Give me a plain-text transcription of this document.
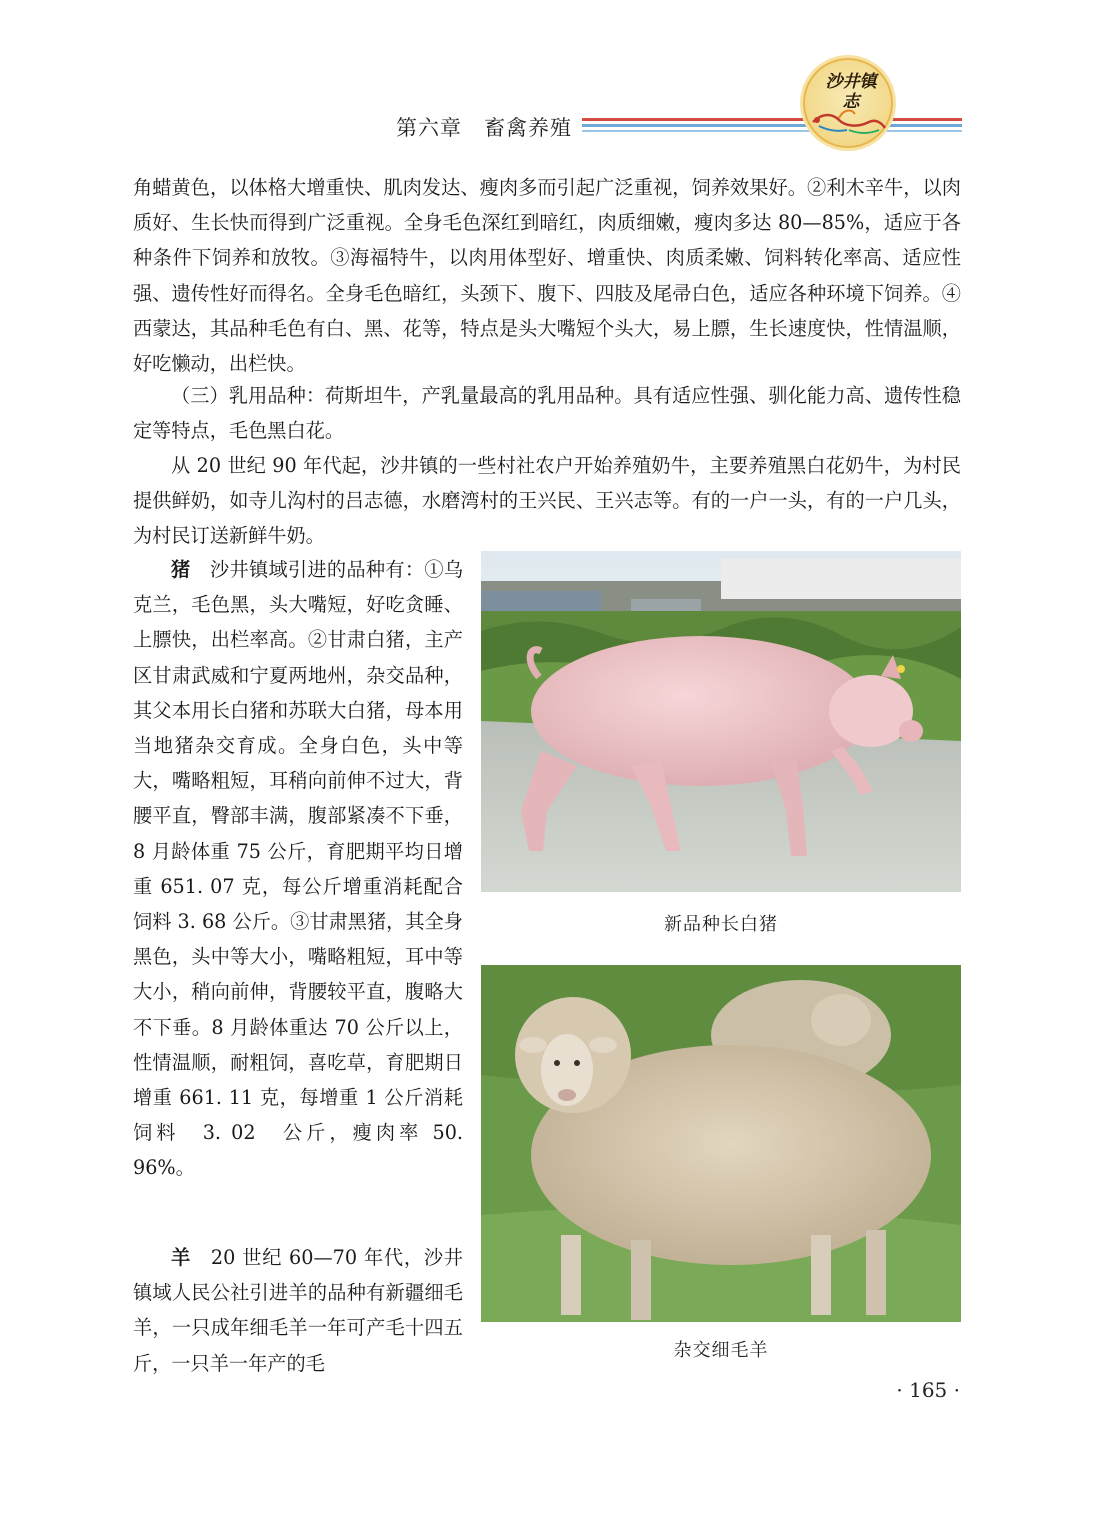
第六章　畜禽养殖
沙井镇志

角蜡黄色，以体格大增重快、肌肉发达、瘦肉多而引起广泛重视，饲养效果好。②利木辛牛，以肉质好、生长快而得到广泛重视。全身毛色深红到暗红，肉质细嫩，瘦肉多达 80—85%，适应于各种条件下饲养和放牧。③海福特牛，以肉用体型好、增重快、肉质柔嫩、饲料转化率高、适应性强、遗传性好而得名。全身毛色暗红，头颈下、腹下、四肢及尾帚白色，适应各种环境下饲养。④西蒙达，其品种毛色有白、黑、花等，特点是头大嘴短个头大，易上膘，生长速度快，性情温顺，好吃懒动，出栏快。

（三）乳用品种：荷斯坦牛，产乳量最高的乳用品种。具有适应性强、驯化能力高、遗传性稳定等特点，毛色黑白花。

从 20 世纪 90 年代起，沙井镇的一些村社农户开始养殖奶牛，主要养殖黑白花奶牛，为村民提供鲜奶，如寺儿沟村的吕志德，水磨湾村的王兴民、王兴志等。有的一户一头，有的一户几头，为村民订送新鲜牛奶。

猪　沙井镇域引进的品种有：①乌克兰，毛色黑，头大嘴短，好吃贪睡、上膘快，出栏率高。②甘肃白猪，主产区甘肃武威和宁夏两地州，杂交品种，其父本用长白猪和苏联大白猪，母本用当地猪杂交育成。全身白色，头中等大，嘴略粗短，耳稍向前伸不过大，背腰平直，臀部丰满，腹部紧凑不下垂，8 月龄体重 75 公斤，育肥期平均日增重 651. 07 克，每公斤增重消耗配合饲料 3. 68 公斤。③甘肃黑猪，其全身黑色，头中等大小，嘴略粗短，耳中等大小，稍向前伸，背腰较平直，腹略大不下垂。8 月龄体重达 70 公斤以上，性情温顺，耐粗饲，喜吃草，育肥期日增重 661. 11 克，每增重 1 公斤消耗饲料　3. 02　公斤，瘦肉率 50. 96%。

羊　20 世纪 60—70 年代，沙井镇域人民公社引进羊的品种有新疆细毛羊，一只成年细毛羊一年可产毛十四五斤，一只羊一年产的毛

新品种长白猪
杂交细毛羊
· 165 ·
